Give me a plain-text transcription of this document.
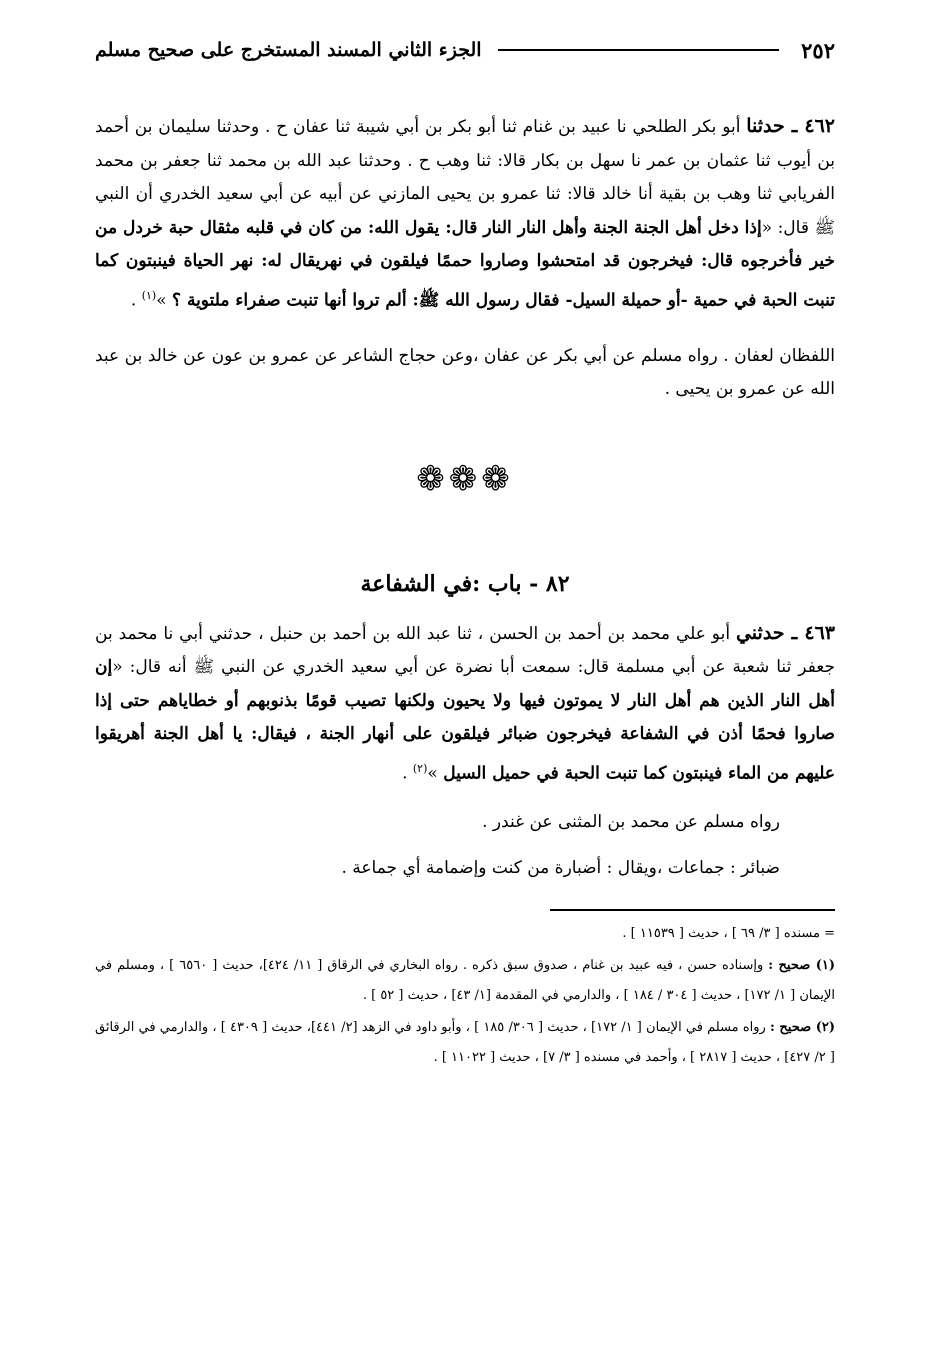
٢٥٢
الجزء الثاني المسند المستخرج على صحيح مسلم

٤٦٢ ـ حدثنا أبو بكر الطلحي نا عبيد بن غنام ثنا أبو بكر بن أبي شيبة ثنا عفان ح . وحدثنا سليمان بن أحمد بن أيوب ثنا عثمان بن عمر نا سهل بن بكار قالا: ثنا وهب ح . وحدثنا عبد الله بن محمد ثنا جعفر بن محمد الفريابي ثنا وهب بن بقية أنا خالد قالا: ثنا عمرو بن يحيى المازني عن أبيه عن أبي سعيد الخدري أن النبي ﷺ قال: «إذا دخل أهل الجنة الجنة وأهل النار النار قال: يقول الله: من كان في قلبه مثقال حبة خردل من خير فأخرجوه قال: فيخرجون قد امتحشوا وصاروا حممًا فيلقون في نهريقال له: نهر الحياة فينبتون كما تنبت الحبة في حمية -أو حميلة السيل- فقال رسول الله ﷺ: ألم تروا أنها تنبت صفراء ملتوية ؟ »$^{(١)}$ .

اللفظان لعفان . رواه مسلم عن أبي بكر عن عفان ،وعن حجاج الشاعر عن عمرو بن عون عن خالد بن عبد الله عن عمرو بن يحيى .

❁❁❁
٨٢ - باب :في الشفاعة

٤٦٣ ـ حدثني أبو علي محمد بن أحمد بن الحسن ، ثنا عبد الله بن أحمد بن حنبل ، حدثني أبي نا محمد بن جعفر ثنا شعبة عن أبي مسلمة قال: سمعت أبا نضرة عن أبي سعيد الخدري عن النبي ﷺ أنه قال: «إن أهل النار الذين هم أهل النار لا يموتون فيها ولا يحيون ولكنها تصيب قومًا بذنوبهم أو خطاياهم حتى إذا صاروا فحمًا أذن في الشفاعة فيخرجون ضبائر فيلقون على أنهار الجنة ، فيقال: يا أهل الجنة أهريقوا عليهم من الماء فينبتون كما تنبت الحبة في حميل السيل »$^{(٢)}$ .

رواه مسلم عن محمد بن المثنى عن غندر .

ضبائر : جماعات ،ويقال : أضبارة من كنت وإضمامة أي جماعة .

= مسنده [ ٣/ ٦٩ ] ، حديث [ ١١٥٣٩ ] .

(١) صحيح : وإسناده حسن ، فيه عبيد بن غنام ، صدوق سبق ذكره . رواه البخاري في الرقاق [ ١١/ ٤٢٤]، حديث [ ٦٥٦٠ ] ، ومسلم في الإيمان [ ١/ ١٧٢] ، حديث [ ٣٠٤ / ١٨٤ ] ، والدارمي في المقدمة [١/ ٤٣] ، حديث [ ٥٢ ] .

(٢) صحيح : رواه مسلم في الإيمان [ ١/ ١٧٢] ، حديث [ ٣٠٦/ ١٨٥ ] ، وأبو داود في الزهد [٢/ ٤٤١]، حديث [ ٤٣٠٩ ] ، والدارمي في الرقائق [ ٢/ ٤٢٧] ، حديث [ ٢٨١٧ ] ، وأحمد في مسنده [ ٣/ ٧] ، حديث [ ١١٠٢٢ ] .
